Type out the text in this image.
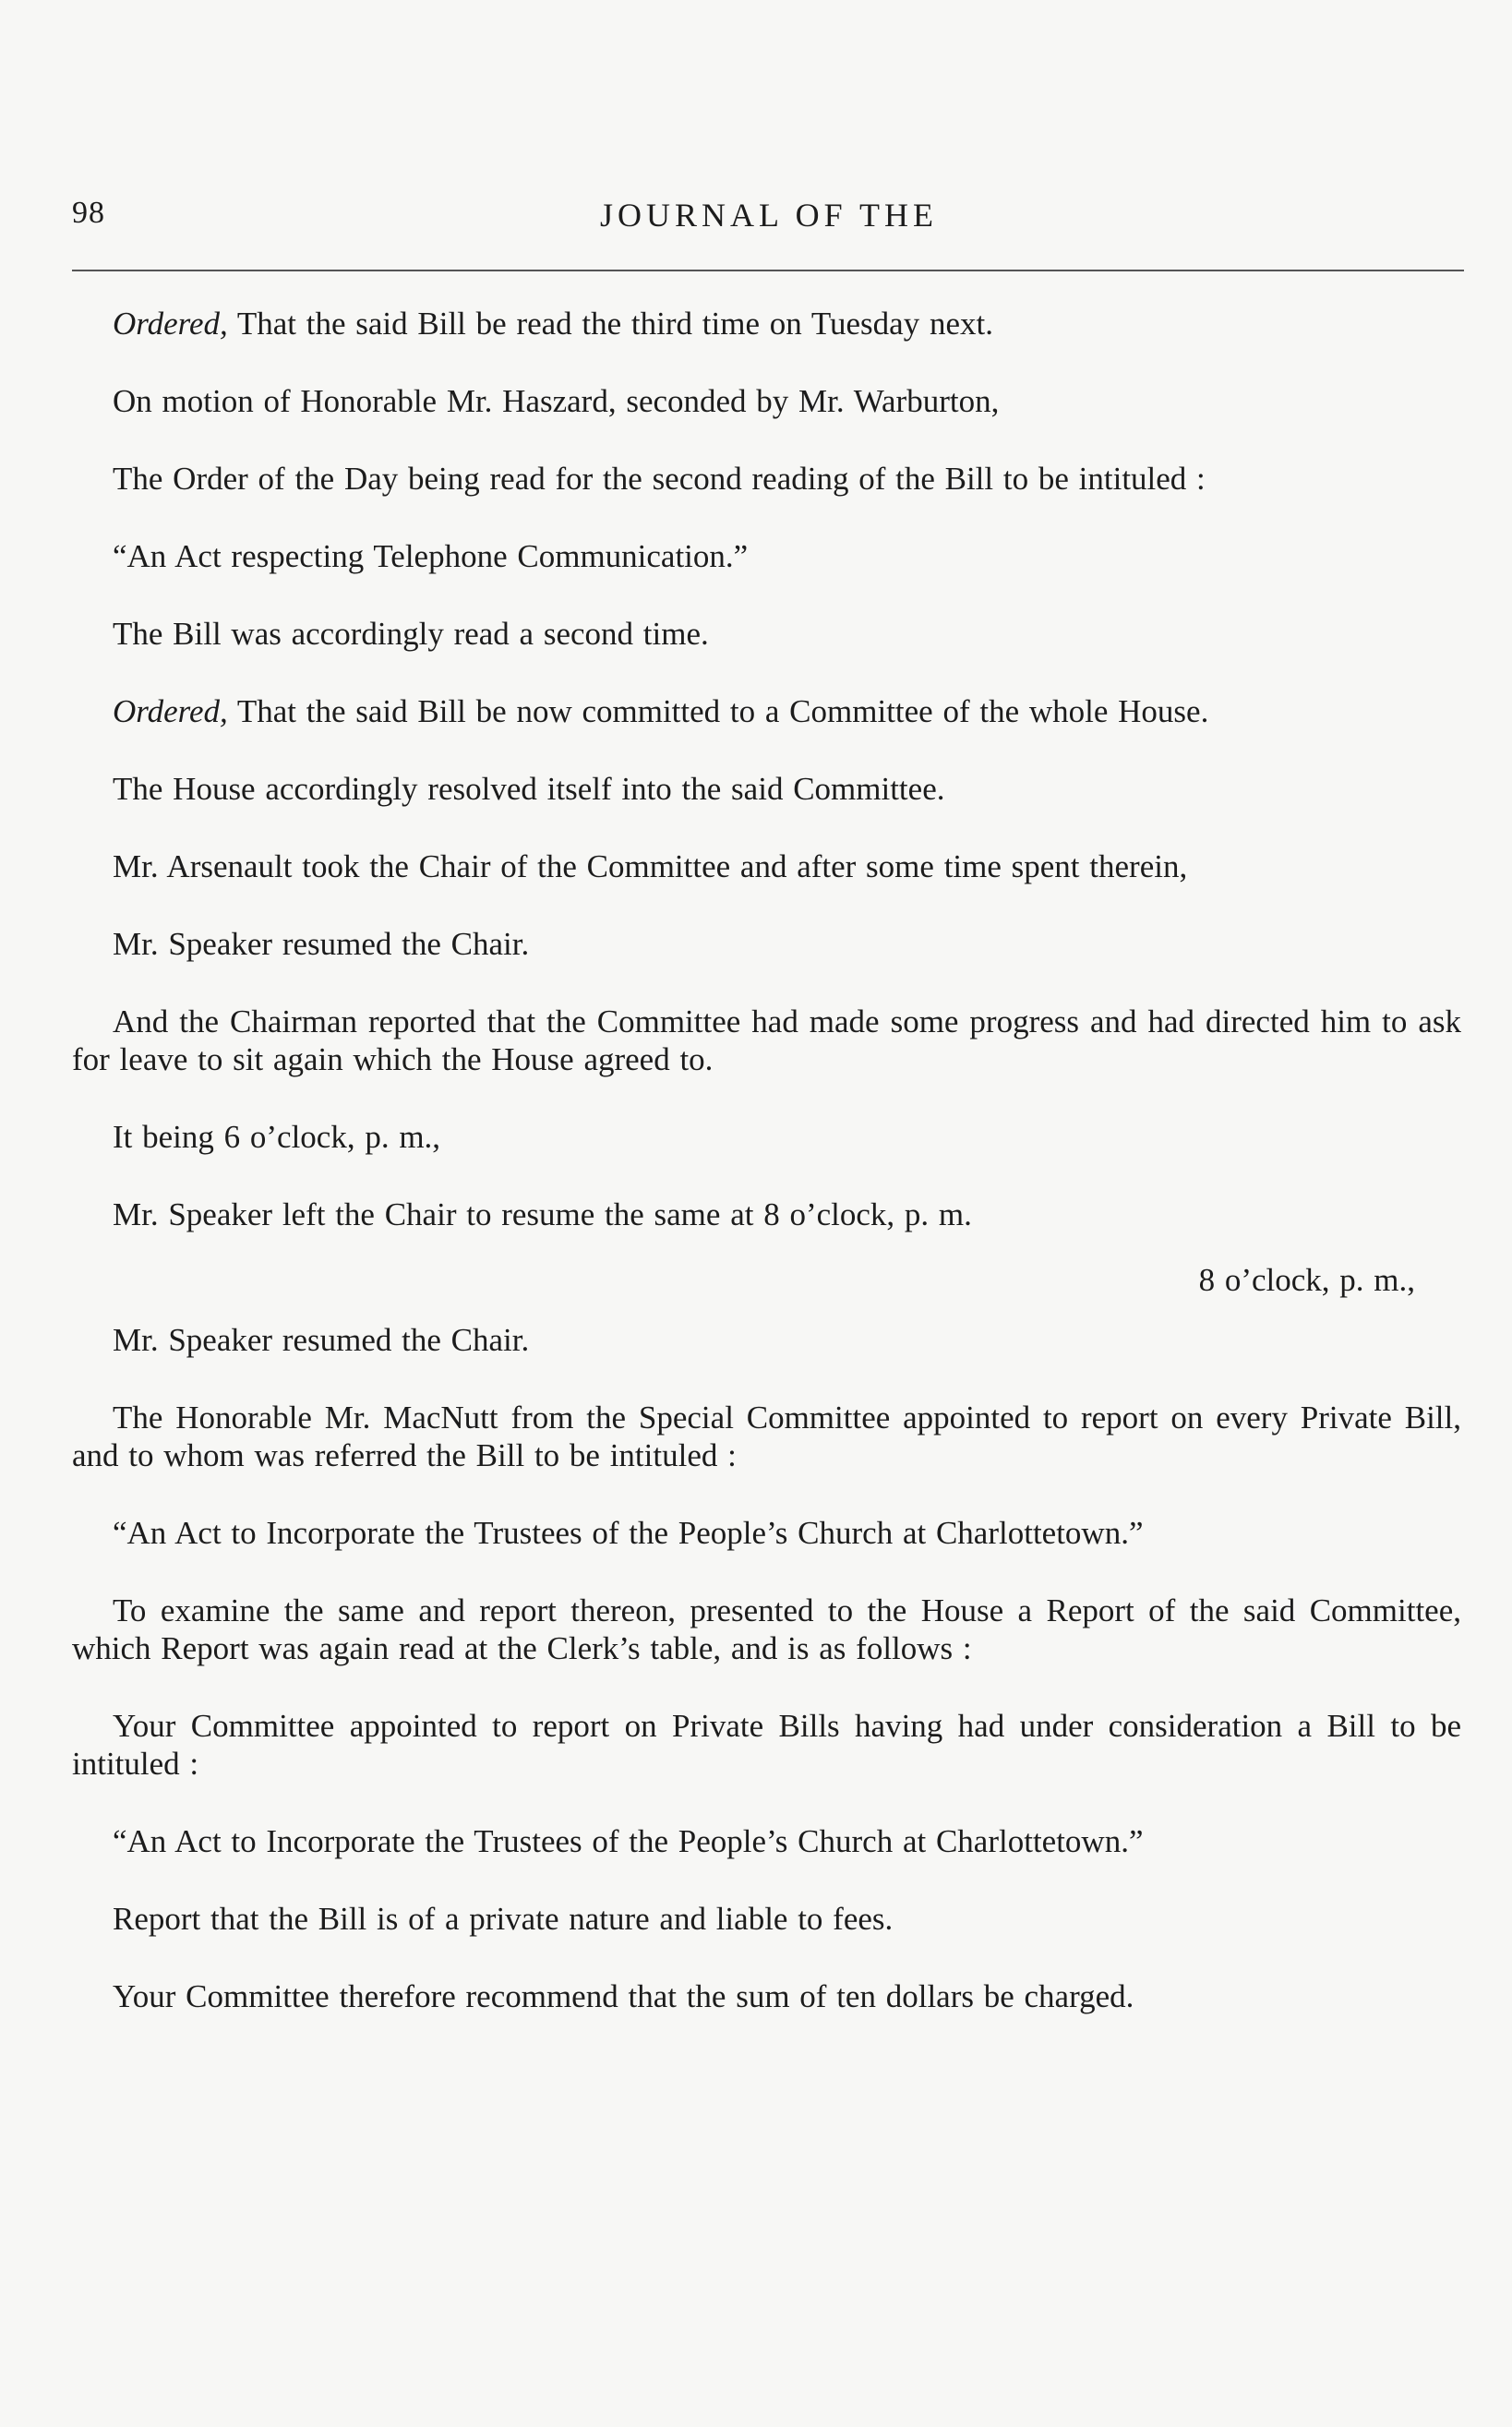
98	JOURNAL OF THE

Ordered, That the said Bill be read the third time on Tuesday next.

On motion of Honorable Mr. Haszard, seconded by Mr. Warburton,

The Order of the Day being read for the second reading of the Bill to be intituled :

“An Act respecting Telephone Communication.”

The Bill was accordingly read a second time.

Ordered, That the said Bill be now committed to a Committee of the whole House.

The House accordingly resolved itself into the said Committee.

Mr. Arsenault took the Chair of the Committee and after some time spent therein,

Mr. Speaker resumed the Chair.

And the Chairman reported that the Committee had made some progress and had directed him to ask for leave to sit again which the House agreed to.

It being 6 o’clock, p. m.,

Mr. Speaker left the Chair to resume the same at 8 o’clock, p. m.

8 o’clock, p. m.,

Mr. Speaker resumed the Chair.

The Honorable Mr. MacNutt from the Special Committee appointed to report on every Private Bill, and to whom was referred the Bill to be intituled :

“An Act to Incorporate the Trustees of the People’s Church at Charlottetown.”

To examine the same and report thereon, presented to the House a Report of the said Committee, which Report was again read at the Clerk’s table, and is as follows :

Your Committee appointed to report on Private Bills having had under consideration a Bill to be intituled :

“An Act to Incorporate the Trustees of the People’s Church at Charlottetown.”

Report that the Bill is of a private nature and liable to fees.

Your Committee therefore recommend that the sum of ten dollars be charged.
